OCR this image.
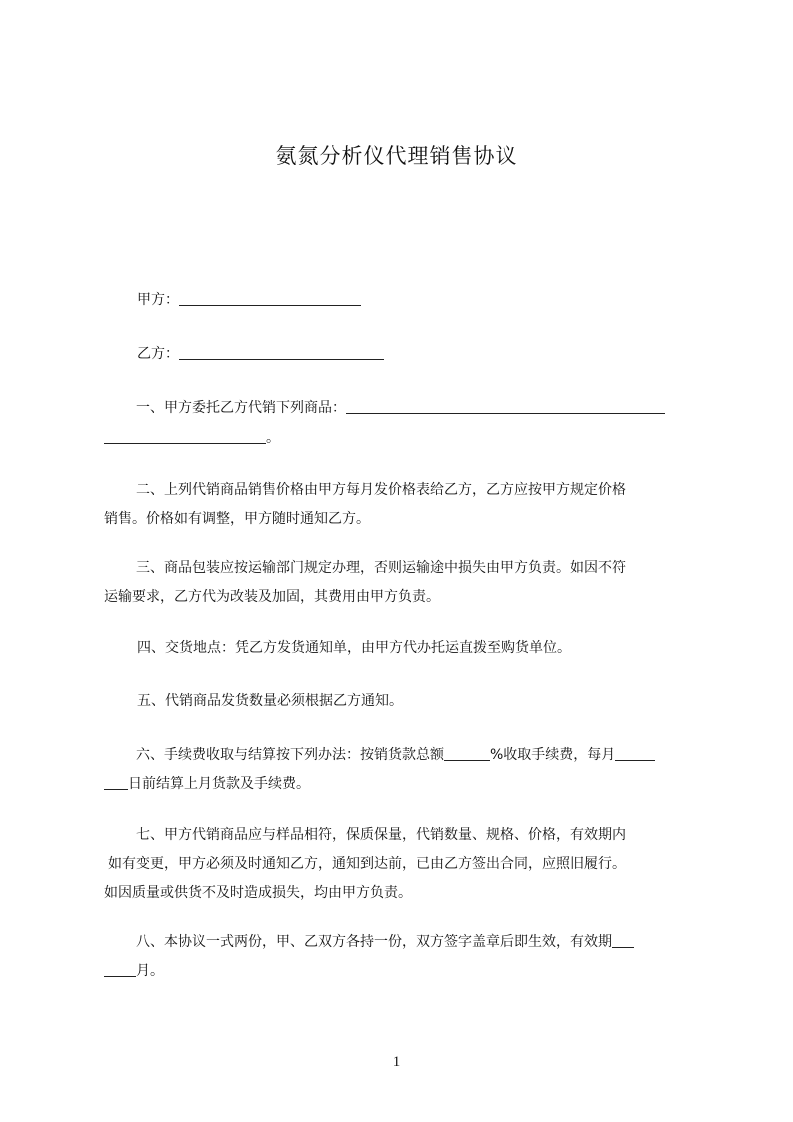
氨氮分析仪代理销售协议
甲方：
乙方：
一、甲方委托乙方代销下列商品：
。
二、上列代销商品销售价格由甲方每月发价格表给乙方，乙方应按甲方规定价格
销售。价格如有调整，甲方随时通知乙方。
三、商品包装应按运输部门规定办理，否则运输途中损失由甲方负责。如因不符
运输要求，乙方代为改装及加固，其费用由甲方负责。
四、交货地点：凭乙方发货通知单，由甲方代办托运直拨至购货单位。
五、代销商品发货数量必须根据乙方通知。
六、手续费收取与结算按下列办法：按销货款总额	%收取手续费，每月
日前结算上月货款及手续费。
七、甲方代销商品应与样品相符，保质保量，代销数量、规格、价格，有效期内
如有变更，甲方必须及时通知乙方，通知到达前，已由乙方签出合同，应照旧履行。
如因质量或供货不及时造成损失，均由甲方负责。
八、本协议一式两份，甲、乙双方各持一份，双方签字盖章后即生效，有效期
月。
1
